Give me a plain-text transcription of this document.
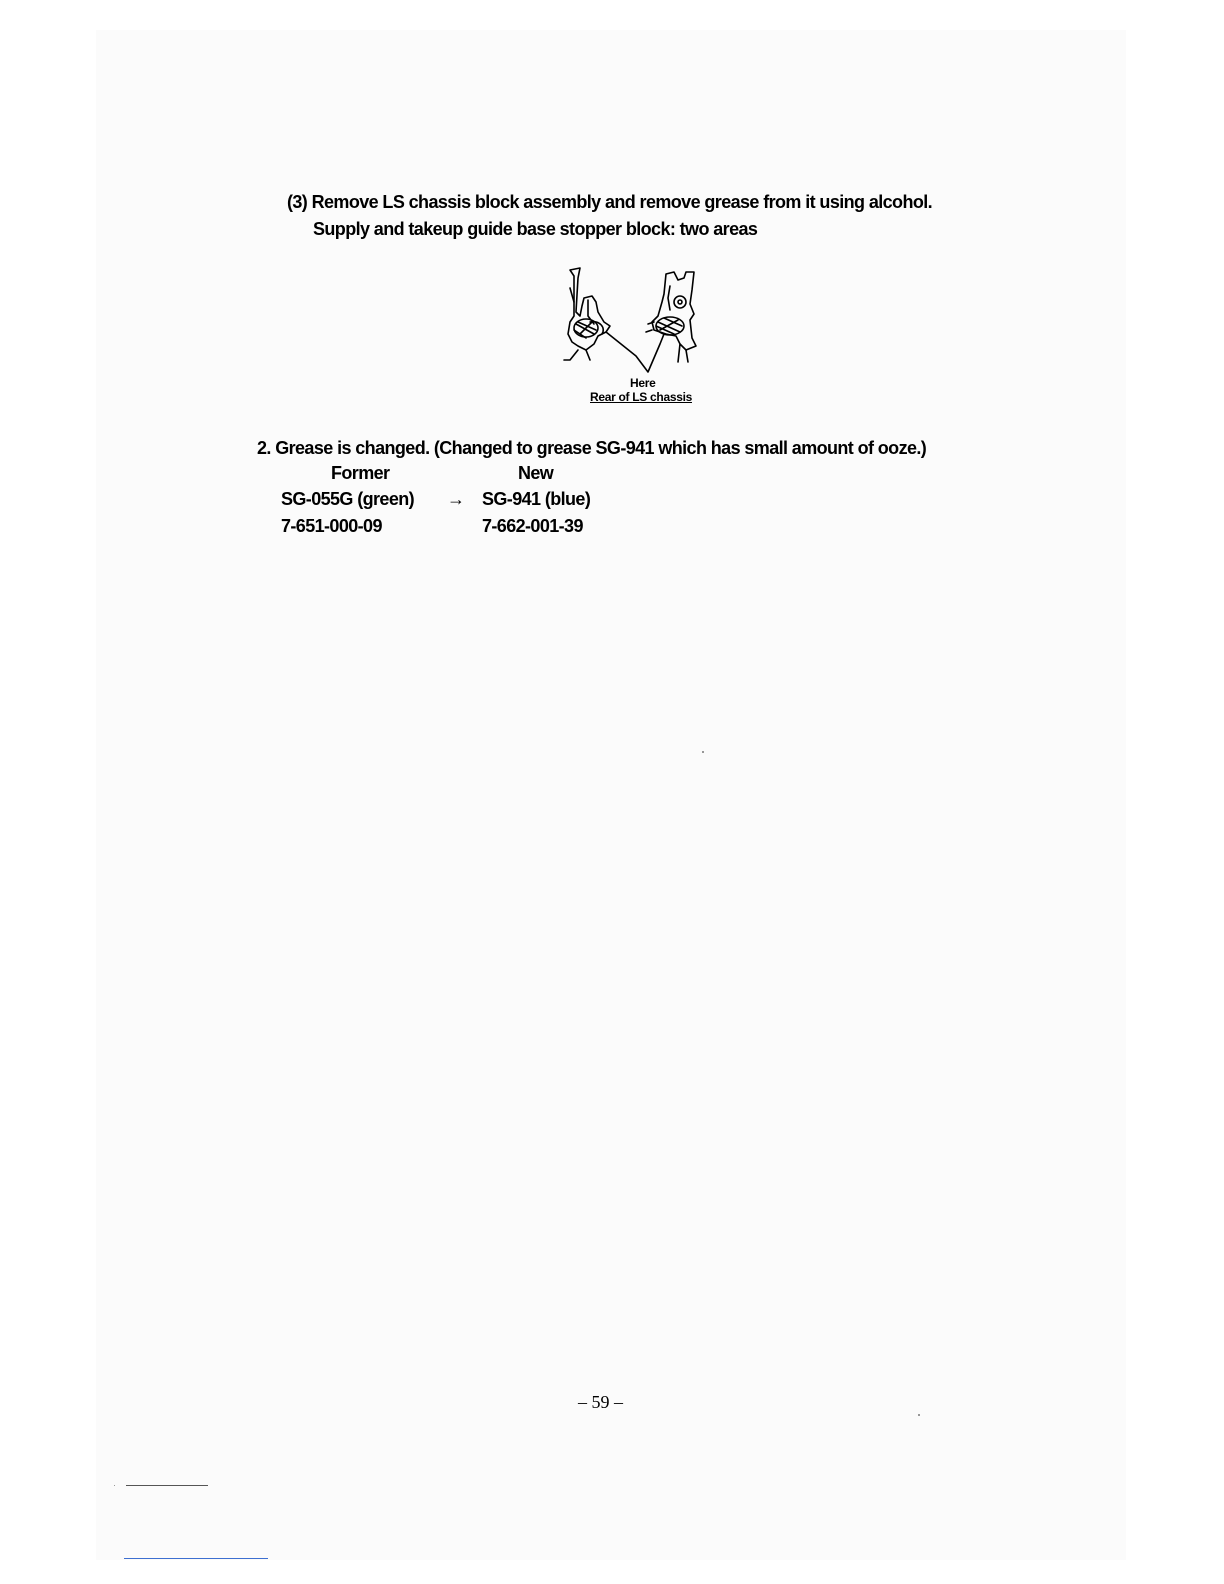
(3) Remove LS chassis block assembly and remove grease from it using alcohol.
Supply and takeup guide base stopper block: two areas
Here
Rear of LS chassis
2. Grease is changed. (Changed to grease SG-941 which has small amount of ooze.)
Former	New
SG-055G (green) → SG-941 (blue)
7-651-000-09	7-662-001-39
– 59 –
